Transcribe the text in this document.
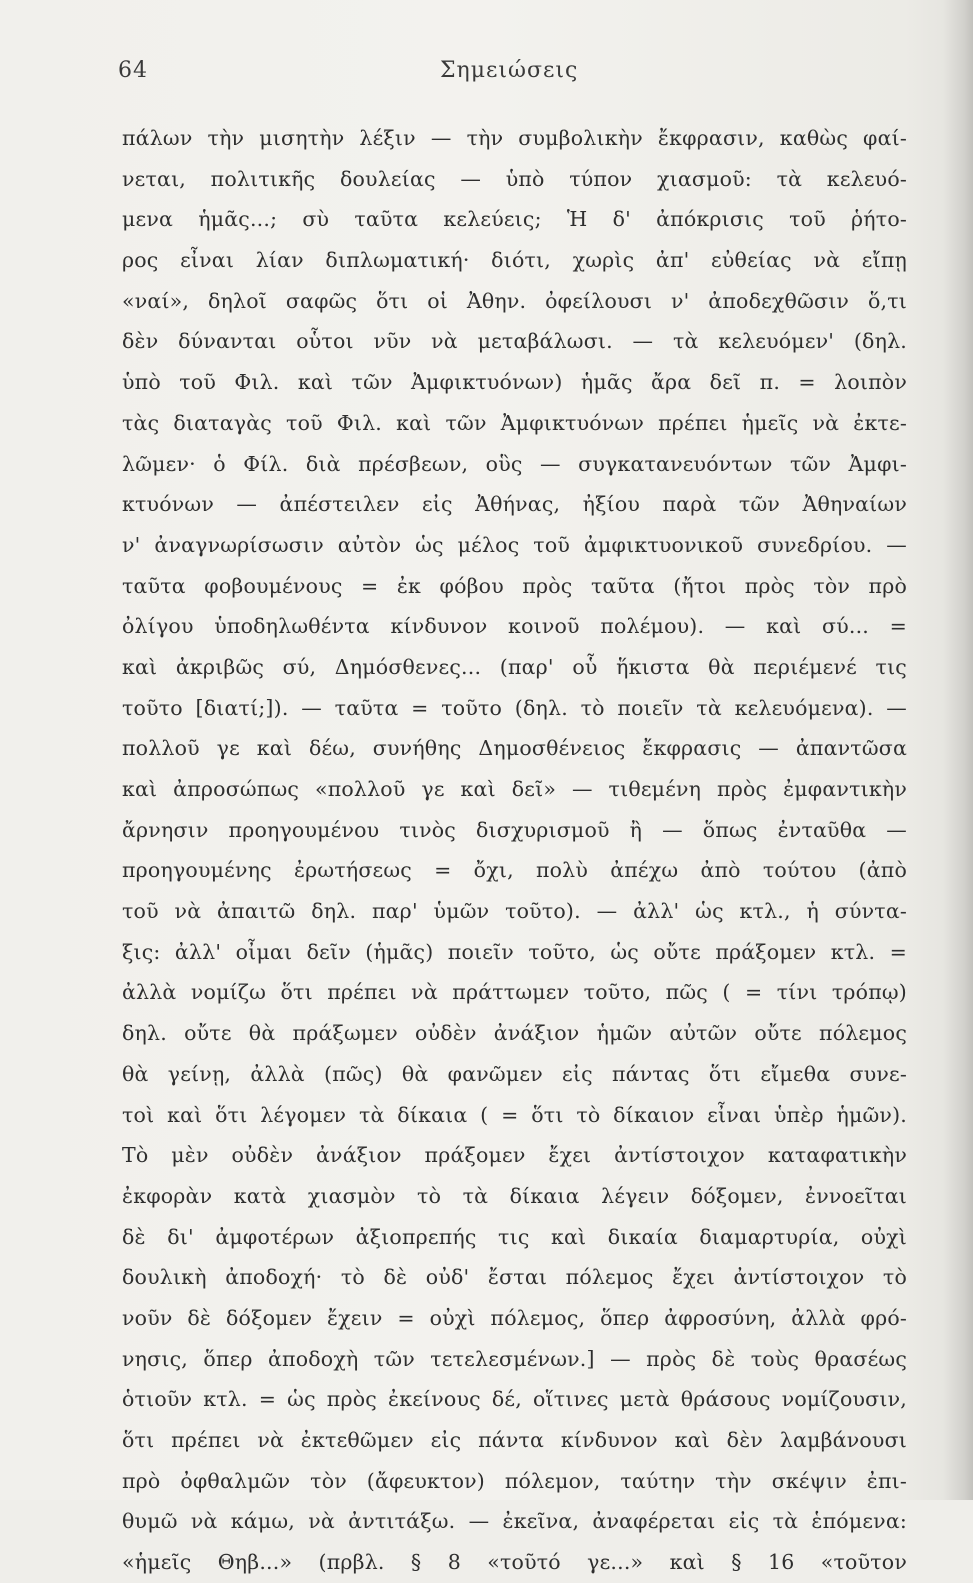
64	Σημειώσεις
πάλων τὴν μισητὴν λέξιν — τὴν συμβολικὴν ἔκφρασιν, καθὼς φαί-
νεται, πολιτικῆς δουλείας — ὑπὸ τύπον χιασμοῦ: τὰ κελευό-
μενα ἡμᾶς...; σὺ ταῦτα κελεύεις; Ἡ δ' ἀπόκρισις τοῦ ῥήτο-
ρος εἶναι λίαν διπλωματική· διότι, χωρὶς ἀπ' εὐθείας νὰ εἴπῃ
«ναί», δηλοῖ σαφῶς ὅτι οἱ Ἀθην. ὀφείλουσι ν' ἀποδεχθῶσιν ὅ,τι
δὲν δύνανται οὗτοι νῦν νὰ μεταβάλωσι. — τὰ κελευόμεν' (δηλ.
ὑπὸ τοῦ Φιλ. καὶ τῶν Ἀμφικτυόνων) ἡμᾶς ἄρα δεῖ π. = λοιπὸν
τὰς διαταγὰς τοῦ Φιλ. καὶ τῶν Ἀμφικτυόνων πρέπει ἡμεῖς νὰ ἐκτε-
λῶμεν· ὁ Φίλ. διὰ πρέσβεων, οὓς — συγκατανευόντων τῶν Ἀμφι-
κτυόνων — ἀπέστειλεν εἰς Ἀθήνας, ἠξίου παρὰ τῶν Ἀθηναίων
ν' ἀναγνωρίσωσιν αὐτὸν ὡς μέλος τοῦ ἀμφικτυονικοῦ συνεδρίου. —
ταῦτα φοβουμένους = ἐκ φόβου πρὸς ταῦτα (ἤτοι πρὸς τὸν πρὸ
ὀλίγου ὑποδηλωθέντα κίνδυνον κοινοῦ πολέμου). — καὶ σύ... =
καὶ ἀκριβῶς σύ, Δημόσθενες... (παρ' οὗ ἥκιστα θὰ περιέμενέ τις
τοῦτο [διατί;]). — ταῦτα = τοῦτο (δηλ. τὸ ποιεῖν τὰ κελευόμενα). —
πολλοῦ γε καὶ δέω, συνήθης Δημοσθένειος ἔκφρασις — ἀπαντῶσα
καὶ ἀπροσώπως «πολλοῦ γε καὶ δεῖ» — τιθεμένη πρὸς ἐμφαντικὴν
ἄρνησιν προηγουμένου τινὸς δισχυρισμοῦ ἢ — ὅπως ἐνταῦθα —
προηγουμένης ἐρωτήσεως = ὄχι, πολὺ ἀπέχω ἀπὸ τούτου (ἀπὸ
τοῦ νὰ ἀπαιτῶ δηλ. παρ' ὑμῶν τοῦτο). — ἀλλ' ὡς κτλ., ἡ σύντα-
ξις: ἀλλ' οἶμαι δεῖν (ἡμᾶς) ποιεῖν τοῦτο, ὡς οὔτε πράξομεν κτλ. =
ἀλλὰ νομίζω ὅτι πρέπει νὰ πράττωμεν τοῦτο, πῶς ( = τίνι τρόπῳ)
δηλ. οὔτε θὰ πράξωμεν οὐδὲν ἀνάξιον ἡμῶν αὐτῶν οὔτε πόλεμος
θὰ γείνῃ, ἀλλὰ (πῶς) θὰ φανῶμεν εἰς πάντας ὅτι εἴμεθα συνε-
τοὶ καὶ ὅτι λέγομεν τὰ δίκαια ( = ὅτι τὸ δίκαιον εἶναι ὑπὲρ ἡμῶν).
Τὸ μὲν οὐδὲν ἀνάξιον πράξομεν ἔχει ἀντίστοιχον καταφατικὴν
ἐκφορὰν κατὰ χιασμὸν τὸ τὰ δίκαια λέγειν δόξομεν, ἐννοεῖται
δὲ δι' ἀμφοτέρων ἀξιοπρεπής τις καὶ δικαία διαμαρτυρία, οὐχὶ
δουλικὴ ἀποδοχή· τὸ δὲ οὐδ' ἔσται πόλεμος ἔχει ἀντίστοιχον τὸ
νοῦν δὲ δόξομεν ἔχειν = οὐχὶ πόλεμος, ὅπερ ἀφροσύνη, ἀλλὰ φρό-
νησις, ὅπερ ἀποδοχὴ τῶν τετελεσμένων.] — πρὸς δὲ τοὺς θρασέως
ὁτιοῦν κτλ. = ὡς πρὸς ἐκείνους δέ, οἵτινες μετὰ θράσους νομίζουσιν,
ὅτι πρέπει νὰ ἐκτεθῶμεν εἰς πάντα κίνδυνον καὶ δὲν λαμβάνουσι
πρὸ ὀφθαλμῶν τὸν (ἄφευκτον) πόλεμον, ταύτην τὴν σκέψιν ἐπι-
θυμῶ νὰ κάμω, νὰ ἀντιτάξω. — ἐκεῖνα, ἀναφέρεται εἰς τὰ ἑπόμενα:
«ἡμεῖς Θηβ...» (πρβλ. § 8 «τοῦτό γε...» καὶ § 16 «τοῦτον
